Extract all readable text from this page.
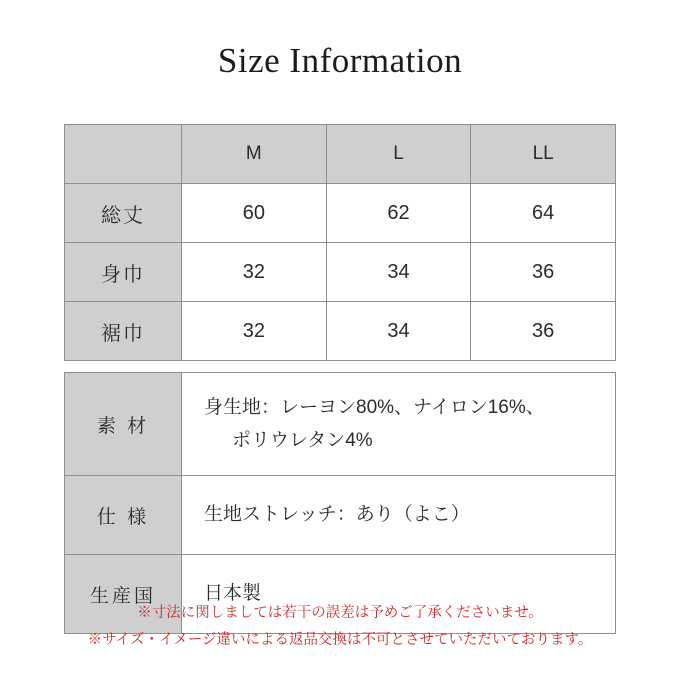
Size Information
	M	L	LL
総丈	60	62	64
身巾	32	34	36
裾巾	32	34	36
素 材	身生地：レーヨン80%、ナイロン16%、
ポリウレタン4%

仕 様	生地ストレッチ：あり（よこ）

生産国	日本製
※寸法に関しましては若干の誤差は予めご了承くださいませ。
※サイズ・イメージ違いによる返品交換は不可とさせていただいております。
